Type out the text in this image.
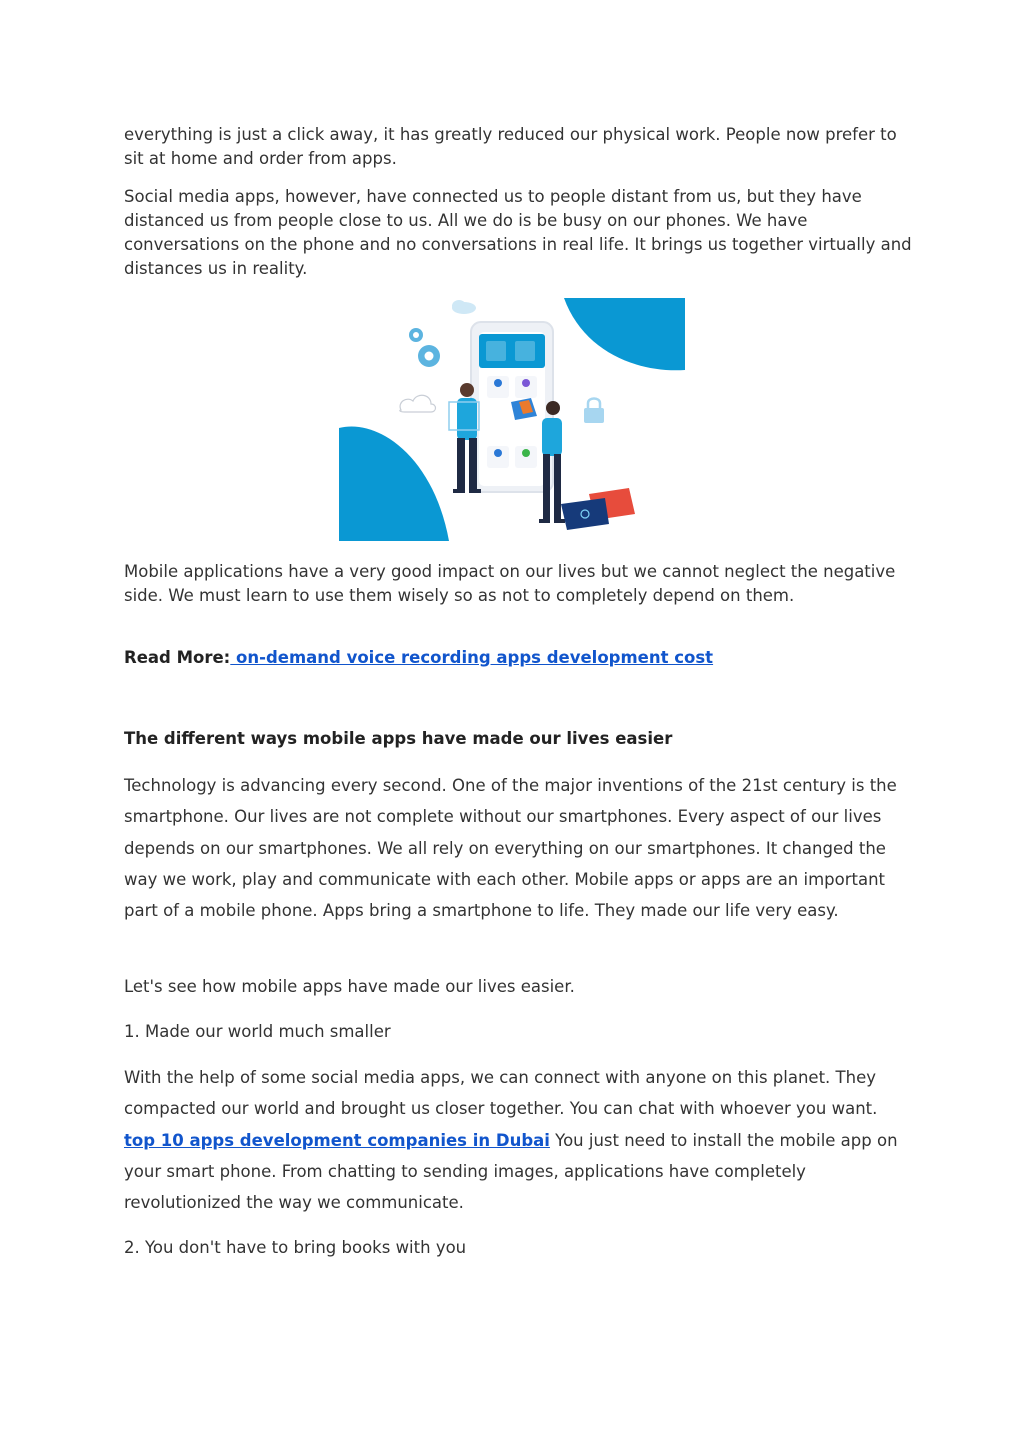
everything is just a click away, it has greatly reduced our physical work. People now prefer to sit at home and order from apps.

Social media apps, however, have connected us to people distant from us, but they have distanced us from people close to us. All we do is be busy on our phones. We have conversations on the phone and no conversations in real life. It brings us together virtually and distances us in reality.

Mobile applications have a very good impact on our lives but we cannot neglect the negative side. We must learn to use them wisely so as not to completely depend on them.

Read More: on-demand voice recording apps development cost

The different ways mobile apps have made our lives easier

Technology is advancing every second. One of the major inventions of the 21st century is the smartphone. Our lives are not complete without our smartphones. Every aspect of our lives depends on our smartphones. We all rely on everything on our smartphones. It changed the way we work, play and communicate with each other. Mobile apps or apps are an important part of a mobile phone. Apps bring a smartphone to life. They made our life very easy.

Let's see how mobile apps have made our lives easier.

1. Made our world much smaller

With the help of some social media apps, we can connect with anyone on this planet. They compacted our world and brought us closer together. You can chat with whoever you want. top 10 apps development companies in Dubai You just need to install the mobile app on your smart phone. From chatting to sending images, applications have completely revolutionized the way we communicate.

2. You don't have to bring books with you
